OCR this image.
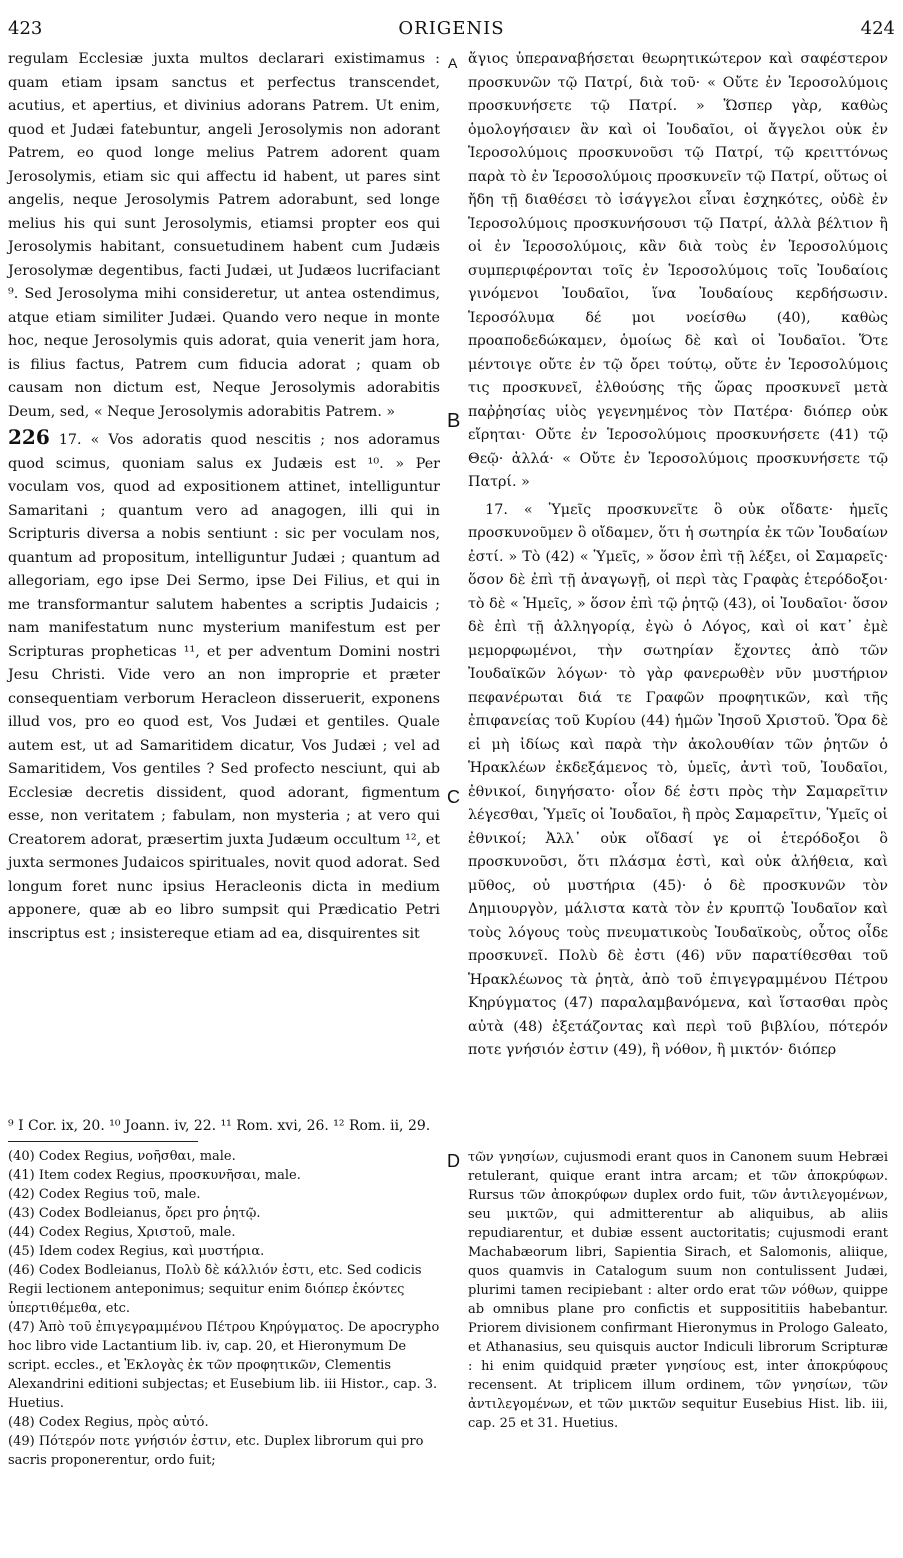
423	ORIGENIS	424
A
B
C
D

regulam Ecclesiæ juxta multos declarari existimamus : quam etiam ipsam sanctus et perfectus transcendet, acutius, et apertius, et divinius adorans Patrem. Ut enim, quod et Judæi fatebuntur, angeli Jerosolymis non adorant Patrem, eo quod longe melius Patrem adorent quam Jerosolymis, etiam sic qui affectu id habent, ut pares sint angelis, neque Jerosolymis Patrem adorabunt, sed longe melius his qui sunt Jerosolymis, etiamsi propter eos qui Jerosolymis habitant, consuetudinem habent cum Judæis Jerosolymæ degentibus, facti Judæi, ut Judæos lucrifaciant ⁹. Sed Jerosolyma mihi consideretur, ut antea ostendimus, atque etiam similiter Judæi. Quando vero neque in monte hoc, neque Jerosolymis quis adorat, quia venerit jam hora, is filius factus, Patrem cum fiducia adorat ; quam ob causam non dictum est, Neque Jerosolymis adorabitis Deum, sed, « Neque Jerosolymis adorabitis Patrem. »

226 17. « Vos adoratis quod nescitis ; nos adoramus quod scimus, quoniam salus ex Judæis est ¹⁰. » Per voculam vos, quod ad expositionem attinet, intelliguntur Samaritani ; quantum vero ad anagogen, illi qui in Scripturis diversa a nobis sentiunt : sic per voculam nos, quantum ad propositum, intelliguntur Judæi ; quantum ad allegoriam, ego ipse Dei Sermo, ipse Dei Filius, et qui in me transformantur salutem habentes a scriptis Judaicis ; nam manifestatum nunc mysterium manifestum est per Scripturas propheticas ¹¹, et per adventum Domini nostri Jesu Christi. Vide vero an non improprie et præter consequentiam verborum Heracleon disseruerit, exponens illud vos, pro eo quod est, Vos Judæi et gentiles. Quale autem est, ut ad Samaritidem dicatur, Vos Judæi ; vel ad Samaritidem, Vos gentiles ? Sed profecto nesciunt, qui ab Ecclesiæ decretis dissident, quod adorant, figmentum esse, non veritatem ; fabulam, non mysteria ; at vero qui Creatorem adorat, præsertim juxta Judæum occultum ¹², et juxta sermones Judaicos spirituales, novit quod adorat. Sed longum foret nunc ipsius Heracleonis dicta in medium apponere, quæ ab eo libro sumpsit qui Prædicatio Petri inscriptus est ; insistereque etiam ad ea, disquirentes sit

ἅγιος ὑπεραναβήσεται θεωρητικώτερον καὶ σαφέστερον προσκυνῶν τῷ Πατρί, διὰ τοῦ· « Οὔτε ἐν Ἱεροσολύμοις προσκυνήσετε τῷ Πατρί. » Ὥσπερ γὰρ, καθὼς ὁμολογήσαιεν ἂν καὶ οἱ Ἰουδαῖοι, οἱ ἄγγελοι οὐκ ἐν Ἱεροσολύμοις προσκυνοῦσι τῷ Πατρί, τῷ κρειττόνως παρὰ τὸ ἐν Ἱεροσολύμοις προσκυνεῖν τῷ Πατρί, οὕτως οἱ ἤδη τῇ διαθέσει τὸ ἰσάγγελοι εἶναι ἐσχηκότες, οὐδὲ ἐν Ἱεροσολύμοις προσκυνήσουσι τῷ Πατρί, ἀλλὰ βέλτιον ἢ οἱ ἐν Ἱεροσολύμοις, κἂν διὰ τοὺς ἐν Ἱεροσολύμοις συμπεριφέρονται τοῖς ἐν Ἱεροσολύμοις τοῖς Ἰουδαίοις γινόμενοι Ἰουδαῖοι, ἵνα Ἰουδαίους κερδήσωσιν. Ἱεροσόλυμα δέ μοι νοείσθω (40), καθὼς προαποδεδώκαμεν, ὁμοίως δὲ καὶ οἱ Ἰουδαῖοι. Ὅτε μέντοιγε οὔτε ἐν τῷ ὄρει τούτῳ, οὔτε ἐν Ἱεροσολύμοις τις προσκυνεῖ, ἐλθούσης τῆς ὥρας προσκυνεῖ μετὰ παῤῥησίας υἱὸς γεγενημένος τὸν Πατέρα· διόπερ οὐκ εἴρηται· Οὔτε ἐν Ἱεροσολύμοις προσκυνήσετε (41) τῷ Θεῷ· ἀλλά· « Οὔτε ἐν Ἱεροσολύμοις προσκυνήσετε τῷ Πατρί. »

17. « Ὑμεῖς προσκυνεῖτε ὃ οὐκ οἴδατε· ἡμεῖς προσκυνοῦμεν ὃ οἴδαμεν, ὅτι ἡ σωτηρία ἐκ τῶν Ἰουδαίων ἐστί. » Τὸ (42) « Ὑμεῖς, » ὅσον ἐπὶ τῇ λέξει, οἱ Σαμαρεῖς· ὅσον δὲ ἐπὶ τῇ ἀναγωγῇ, οἱ περὶ τὰς Γραφὰς ἑτερόδοξοι· τὸ δὲ « Ἡμεῖς, » ὅσον ἐπὶ τῷ ῥητῷ (43), οἱ Ἰουδαῖοι· ὅσον δὲ ἐπὶ τῇ ἀλληγορίᾳ, ἐγὼ ὁ Λόγος, καὶ οἱ κατ᾿ ἐμὲ μεμορφωμένοι, τὴν σωτηρίαν ἔχοντες ἀπὸ τῶν Ἰουδαϊκῶν λόγων· τὸ γὰρ φανερωθὲν νῦν μυστήριον πεφανέρωται διά τε Γραφῶν προφητικῶν, καὶ τῆς ἐπιφανείας τοῦ Κυρίου (44) ἡμῶν Ἰησοῦ Χριστοῦ. Ὅρα δὲ εἰ μὴ ἰδίως καὶ παρὰ τὴν ἀκολουθίαν τῶν ῥητῶν ὁ Ἡρακλέων ἐκδεξάμενος τὸ, ὑμεῖς, ἀντὶ τοῦ, Ἰουδαῖοι, ἐθνικοί, διηγήσατο· οἷον δέ ἐστι πρὸς τὴν Σαμαρεῖτιν λέγεσθαι, Ὑμεῖς οἱ Ἰουδαῖοι, ἢ πρὸς Σαμαρεῖτιν, Ὑμεῖς οἱ ἐθνικοί; Ἀλλ᾿ οὐκ οἴδασί γε οἱ ἑτερόδοξοι ὃ προσκυνοῦσι, ὅτι πλάσμα ἐστὶ, καὶ οὐκ ἀλήθεια, καὶ μῦθος, οὐ μυστήρια (45)· ὁ δὲ προσκυνῶν τὸν Δημιουργὸν, μάλιστα κατὰ τὸν ἐν κρυπτῷ Ἰουδαῖον καὶ τοὺς λόγους τοὺς πνευματικοὺς Ἰουδαϊκοὺς, οὗτος οἶδε προσκυνεῖ. Πολὺ δὲ ἐστι (46) νῦν παρατίθεσθαι τοῦ Ἡρακλέωνος τὰ ῥητὰ, ἀπὸ τοῦ ἐπιγεγραμμένου Πέτρου Κηρύγματος (47) παραλαμβανόμενα, καὶ ἵστασθαι πρὸς αὐτὰ (48) ἐξετάζοντας καὶ περὶ τοῦ βιβλίου, πότερόν ποτε γνήσιόν ἐστιν (49), ἢ νόθον, ἢ μικτόν· διόπερ

⁹ I Cor. ix, 20. ¹⁰ Joann. iv, 22. ¹¹ Rom. xvi, 26. ¹² Rom. ii, 29.

(40) Codex Regius, νοῆσθαι, male.

(41) Item codex Regius, προσκυνῆσαι, male.

(42) Codex Regius τοῦ, male.

(43) Codex Bodleianus, ὄρει pro ῥητῷ.

(44) Codex Regius, Χριστοῦ, male.

(45) Idem codex Regius, καὶ μυστήρια.

(46) Codex Bodleianus, Πολὺ δὲ κάλλιόν ἐστι, etc. Sed codicis Regii lectionem anteponimus; sequitur enim διόπερ ἐκόντες ὑπερτιθέμεθα, etc.

(47) Ἀπὸ τοῦ ἐπιγεγραμμένου Πέτρου Κηρύγματος. De apocrypho hoc libro vide Lactantium lib. iv, cap. 20, et Hieronymum De script. eccles., et Ἐκλογὰς ἐκ τῶν προφητικῶν, Clementis Alexandrini editioni subjectas; et Eusebium lib. iii Histor., cap. 3. Huetius.

(48) Codex Regius, πρὸς αὐτό.

(49) Πότερόν ποτε γνήσιόν ἐστιν, etc. Duplex librorum qui pro sacris proponerentur, ordo fuit;

τῶν γνησίων, cujusmodi erant quos in Canonem suum Hebræi retulerant, quique erant intra arcam; et τῶν ἀποκρύφων. Rursus τῶν ἀποκρύφων duplex ordo fuit, τῶν ἀντιλεγομένων, seu μικτῶν, qui admitterentur ab aliquibus, ab aliis repudiarentur, et dubiæ essent auctoritatis; cujusmodi erant Machabæorum libri, Sapientia Sirach, et Salomonis, aliique, quos quamvis in Catalogum suum non contulissent Judæi, plurimi tamen recipiebant : alter ordo erat τῶν νόθων, quippe ab omnibus plane pro confictis et supposititiis habebantur. Priorem divisionem confirmant Hieronymus in Prologo Galeato, et Athanasius, seu quisquis auctor Indiculi librorum Scripturæ : hi enim quidquid præter γνησίους est, inter ἀποκρύφους recensent. At triplicem illum ordinem, τῶν γνησίων, τῶν ἀντιλεγομένων, et τῶν μικτῶν sequitur Eusebius Hist. lib. iii, cap. 25 et 31. Huetius.
